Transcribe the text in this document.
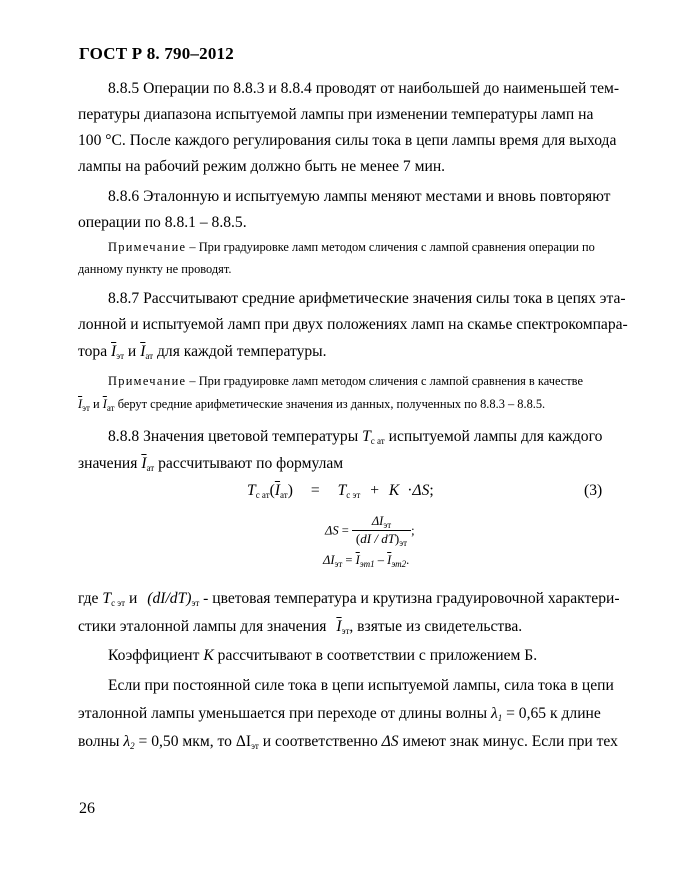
ГОСТ Р 8. 790–2012

8.8.5 Операции по 8.8.3 и 8.8.4 проводят от наибольшей до наименьшей тем-

пературы диапазона испытуемой лампы при изменении температуры ламп на

100 °С. После каждого регулирования силы тока в цепи лампы время для выхода

лампы на рабочий режим должно быть не менее 7 мин.

8.8.6 Эталонную и испытуемую лампы меняют местами и вновь повторяют

операции по 8.8.1 – 8.8.5.

Примечание – При градуировке ламп методом сличения с лампой сравнения операции по

данному пункту не проводят.

8.8.7 Рассчитывают средние арифметические значения силы тока в цепях эта-

лонной и испытуемой ламп при двух положениях ламп на скамье спектрокомпара-

тора $\overline{I}_{эт}$ и $\overline{I}_{ат}$ для каждой температуры.

Примечание – При градуировке ламп методом сличения с лампой сравнения в качестве

$\overline{I}_{эт}$ и $\overline{I}_{ат}$ берут средние арифметические значения из данных, полученных по 8.8.3 – 8.8.5.

8.8.8 Значения цветовой температуры $T_{с ат}$ испытуемой лампы для каждого

значения $\overline{I}_{ат}$ рассчитывают по формулам

$T_{с ат}(\overline{I}_{ат}) = T_{с эт} + K \cdot\Delta S$;	(3)
$\Delta S = \frac{\Delta I_{эт}}{(dI / dT)_{эт}}$ ;
$\Delta I_{эт} = \overline{I}_{эт1} - \overline{I}_{эт2}$.

где $T_{с эт}$ и $(dI/dT)_{эт}$ - цветовая температура и крутизна градуировочной характери-

стики эталонной лампы для значения $\overline{I}_{эт}$, взятые из свидетельства.

Коэффициент K рассчитывают в соответствии с приложением Б.

Если при постоянной силе тока в цепи испытуемой лампы, сила тока в цепи

эталонной лампы уменьшается при переходе от длины волны λ1 = 0,65 к длине

волны λ2 = 0,50 мкм, то $\Delta I_{эт}$ и соответственно ΔS имеют знак минус. Если при тех

26
